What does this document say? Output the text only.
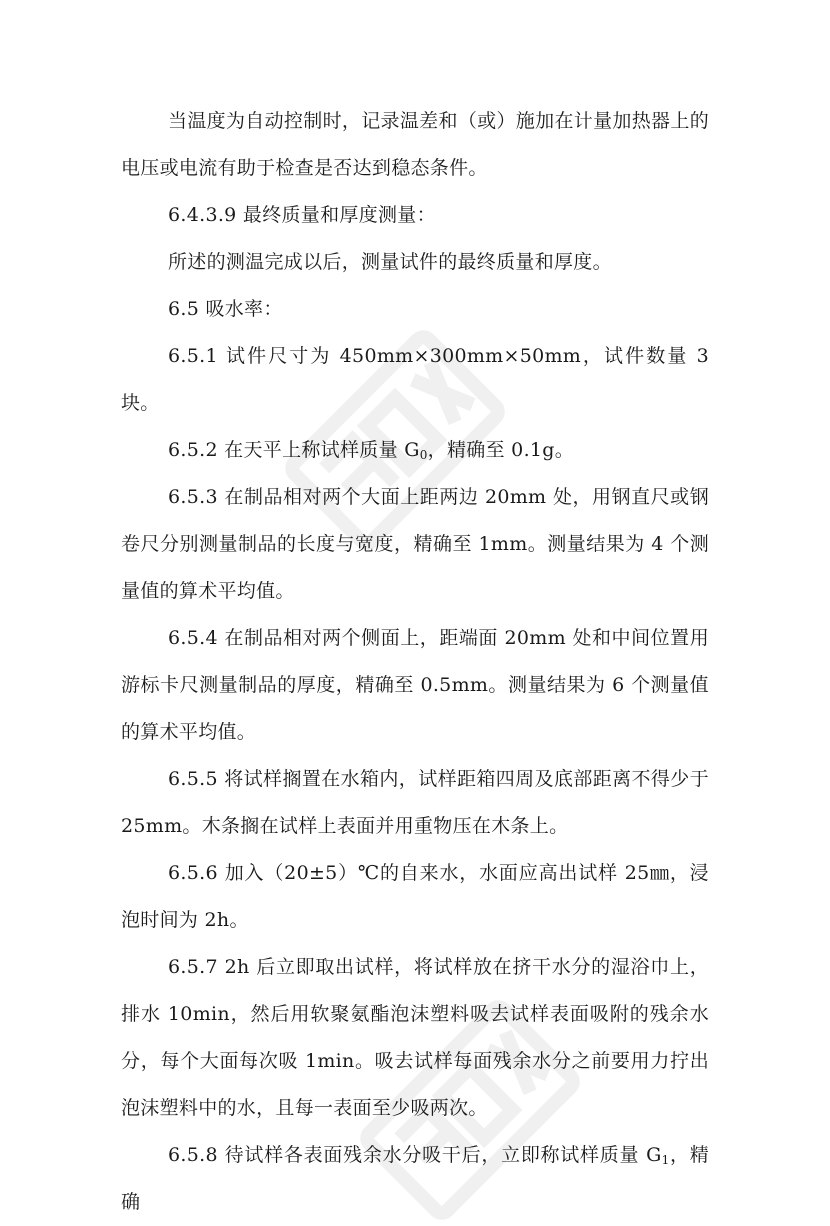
当温度为自动控制时，记录温差和（或）施加在计量加热器上的电压或电流有助于检查是否达到稳态条件。

6.4.3.9 最终质量和厚度测量：

所述的测温完成以后，测量试件的最终质量和厚度。

6.5 吸水率：

6.5.1 试件尺寸为 450mm×300mm×50mm，试件数量 3 块。

6.5.2 在天平上称试样质量 $G_0$，精确至 0.1g。

6.5.3 在制品相对两个大面上距两边 20mm 处，用钢直尺或钢卷尺分别测量制品的长度与宽度，精确至 1mm。测量结果为 4 个测量值的算术平均值。

6.5.4 在制品相对两个侧面上，距端面 20mm 处和中间位置用游标卡尺测量制品的厚度，精确至 0.5mm。测量结果为 6 个测量值的算术平均值。

6.5.5 将试样搁置在水箱内，试样距箱四周及底部距离不得少于 25mm。木条搁在试样上表面并用重物压在木条上。

6.5.6 加入（20±5）℃的自来水，水面应高出试样 25㎜，浸泡时间为 2h。

6.5.7 2h 后立即取出试样，将试样放在挤干水分的湿浴巾上，排水 10min，然后用软聚氨酯泡沫塑料吸去试样表面吸附的残余水分，每个大面每次吸 1min。吸去试样每面残余水分之前要用力拧出泡沫塑料中的水，且每一表面至少吸两次。

6.5.8 待试样各表面残余水分吸干后，立即称试样质量 $G_1$，精确
